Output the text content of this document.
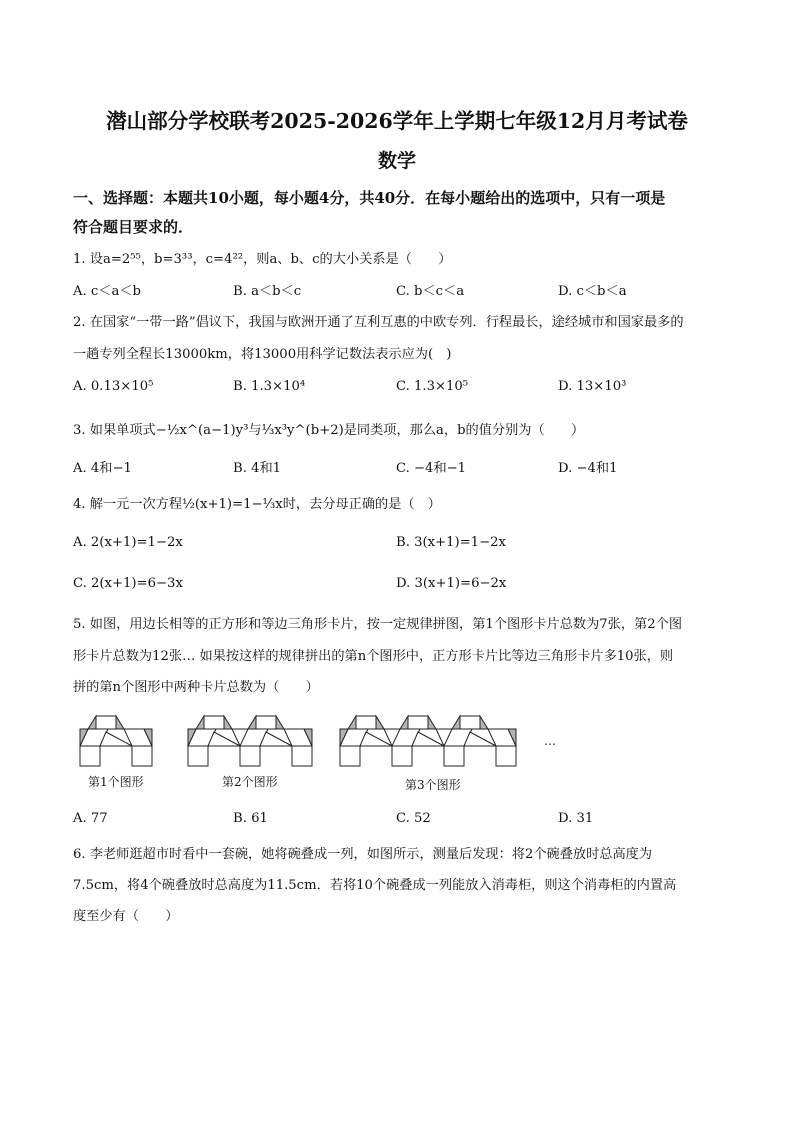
潜山部分学校联考2025-2026学年上学期七年级12月月考试卷
数学
一、选择题：本题共10小题，每小题4分，共40分．在每小题给出的选项中，只有一项是
符合题目要求的．
1. 设a=2⁵⁵，b=3³³，c=4²²，则a、b、c的大小关系是（　　）
A. c＜a＜b	B. a＜b＜c	C. b＜c＜a	D. c＜b＜a
2. 在国家“一带一路”倡议下，我国与欧洲开通了互利互惠的中欧专列．行程最长，途经城市和国家最多的
一趟专列全程长13000km，将13000用科学记数法表示应为(　)
A. 0.13×10⁵	B. 1.3×10⁴	C. 1.3×10⁵	D. 13×10³
3. 如果单项式−½x^(a−1)y³与⅓x³y^(b+2)是同类项，那么a，b的值分别为（　　）
A. 4和−1	B. 4和1	C. −4和−1	D. −4和1
4. 解一元一次方程½(x+1)=1−⅓x时，去分母正确的是（　）
A. 2(x+1)=1−2x	B. 3(x+1)=1−2x
C. 2(x+1)=6−3x	D. 3(x+1)=6−2x
5. 如图，用边长相等的正方形和等边三角形卡片，按一定规律拼图，第1个图形卡片总数为7张，第2个图
形卡片总数为12张… 如果按这样的规律拼出的第n个图形中，正方形卡片比等边三角形卡片多10张，则
拼的第n个图形中两种卡片总数为（　　）
…
第1个图形	第2个图形	第3个图形
A. 77	B. 61	C. 52	D. 31
6. 李老师逛超市时看中一套碗，她将碗叠成一列，如图所示，测量后发现：将2个碗叠放时总高度为
7.5cm，将4个碗叠放时总高度为11.5cm．若将10个碗叠成一列能放入消毒柜，则这个消毒柜的内置高
度至少有（　　）
